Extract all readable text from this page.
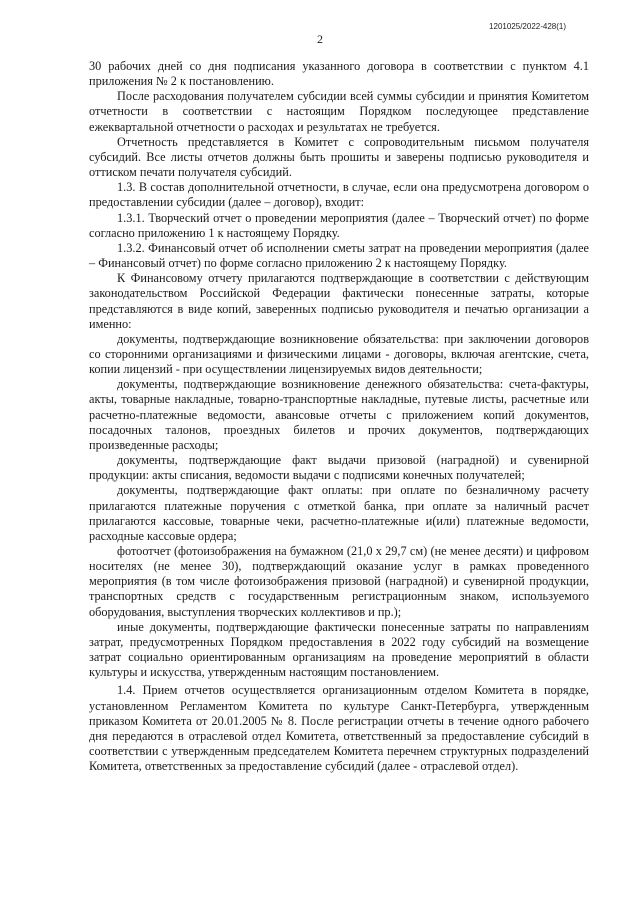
1201025/2022-428(1)
2

30 рабочих дней со дня подписания указанного договора в соответствии с пунктом 4.1 приложения № 2 к постановлению.

После расходования получателем субсидии всей суммы субсидии и принятия Комитетом отчетности в соответствии с настоящим Порядком последующее представление ежеквартальной отчетности о расходах и результатах не требуется.

Отчетность представляется в Комитет с сопроводительным письмом получателя субсидий. Все листы отчетов должны быть прошиты и заверены подписью руководителя и оттиском печати получателя субсидий.

1.3. В состав дополнительной отчетности, в случае, если она предусмотрена договором о предоставлении субсидии (далее – договор), входит:

1.3.1. Творческий отчет о проведении мероприятия (далее – Творческий отчет) по форме согласно приложению 1 к настоящему Порядку.

1.3.2. Финансовый отчет об исполнении сметы затрат на проведении мероприятия (далее – Финансовый отчет) по форме согласно приложению 2 к настоящему Порядку.

К Финансовому отчету прилагаются подтверждающие в соответствии с действующим законодательством Российской Федерации фактически понесенные затраты, которые представляются в виде копий, заверенных подписью руководителя и печатью организации а именно:

документы, подтверждающие возникновение обязательства: при заключении договоров со сторонними организациями и физическими лицами - договоры, включая агентские, счета, копии лицензий - при осуществлении лицензируемых видов деятельности;

документы, подтверждающие возникновение денежного обязательства: счета-фактуры, акты, товарные накладные, товарно-транспортные накладные, путевые листы, расчетные или расчетно-платежные ведомости, авансовые отчеты с приложением копий документов, посадочных талонов, проездных билетов и прочих документов, подтверждающих произведенные расходы;

документы, подтверждающие факт выдачи призовой (наградной) и сувенирной продукции: акты списания, ведомости выдачи с подписями конечных получателей;

документы, подтверждающие факт оплаты: при оплате по безналичному расчету прилагаются платежные поручения с отметкой банка, при оплате за наличный расчет прилагаются кассовые, товарные чеки, расчетно-платежные и(или) платежные ведомости, расходные кассовые ордера;

фотоотчет (фотоизображения на бумажном (21,0 х 29,7 см) (не менее десяти) и цифровом носителях (не менее 30), подтверждающий оказание услуг в рамках проведенного мероприятия (в том числе фотоизображения призовой (наградной) и сувенирной продукции, транспортных средств с государственным регистрационным знаком, используемого оборудования, выступления творческих коллективов и пр.);

иные документы, подтверждающие фактически понесенные затраты по направлениям затрат, предусмотренных Порядком предоставления в 2022 году субсидий на возмещение затрат социально ориентированным организациям на проведение мероприятий в области культуры и искусства, утвержденным настоящим постановлением.

1.4. Прием отчетов осуществляется организационным отделом Комитета в порядке, установленном Регламентом Комитета по культуре Санкт-Петербурга, утвержденным приказом Комитета от 20.01.2005 № 8. После регистрации отчеты в течение одного рабочего дня передаются в отраслевой отдел Комитета, ответственный за предоставление субсидий в соответствии с утвержденным председателем Комитета перечнем структурных подразделений Комитета, ответственных за предоставление субсидий (далее - отраслевой отдел).
